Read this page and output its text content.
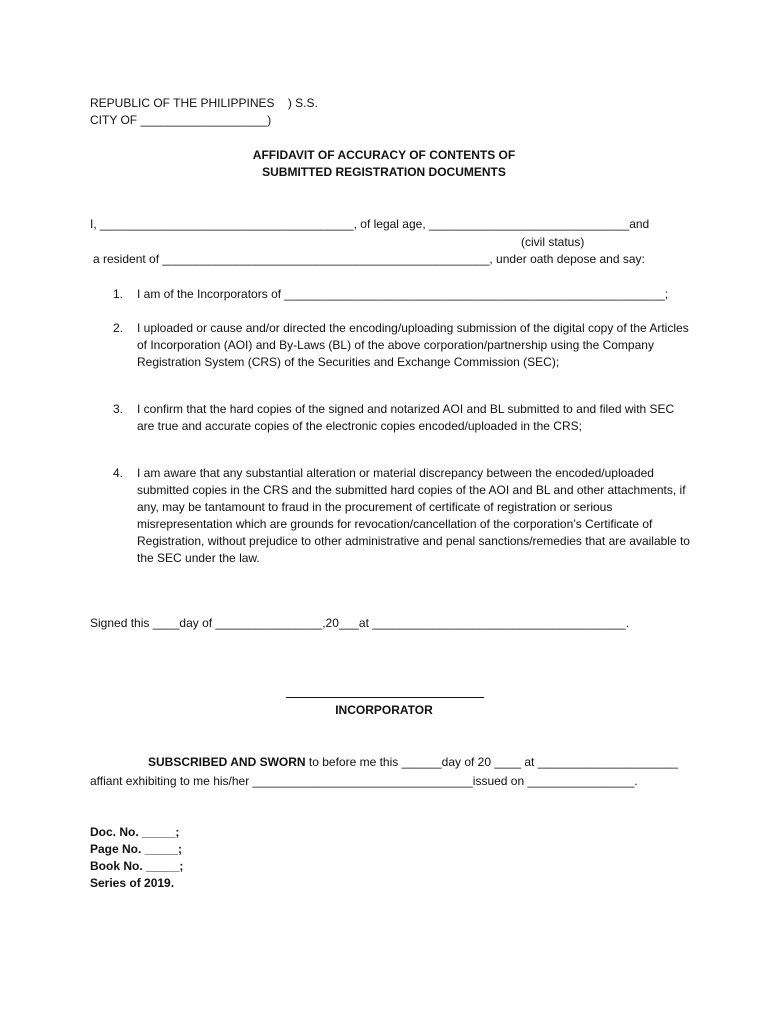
REPUBLIC OF THE PHILIPPINES    ) S.S.
CITY OF ___________________)
AFFIDAVIT OF ACCURACY OF CONTENTS OF
SUBMITTED REGISTRATION DOCUMENTS
I, ______________________________________, of legal age, ______________________________and
(civil status)
a resident of _________________________________________________, under oath depose and say:
1.	I am of the Incorporators of _________________________________________________________;
2.	I uploaded or cause and/or directed the encoding/uploading submission of the digital copy of the Articles of Incorporation (AOI) and By-Laws (BL) of the above corporation/partnership using the Company Registration System (CRS) of the Securities and Exchange Commission (SEC);
3.	I confirm that the hard copies of the signed and notarized AOI and BL submitted to and filed with SEC are true and accurate copies of the electronic copies encoded/uploaded in the CRS;
4.	I am aware that any substantial alteration or material discrepancy between the encoded/uploaded submitted copies in the CRS and the submitted hard copies of the AOI and BL and other attachments, if any, may be tantamount to fraud in the procurement of certificate of registration or serious misrepresentation which are grounds for revocation/cancellation of the corporation’s Certificate of Registration, without prejudice to other administrative and penal sanctions/remedies that are available to the SEC under the law.
Signed this ____day of ________________,20___at ______________________________________.
INCORPORATOR
SUBSCRIBED AND SWORN to before me this ______day of 20 ____ at _____________________
affiant exhibiting to me his/her _________________________________issued on ________________.
Doc. No. _____;
Page No. _____;
Book No. _____;
Series of 2019.
